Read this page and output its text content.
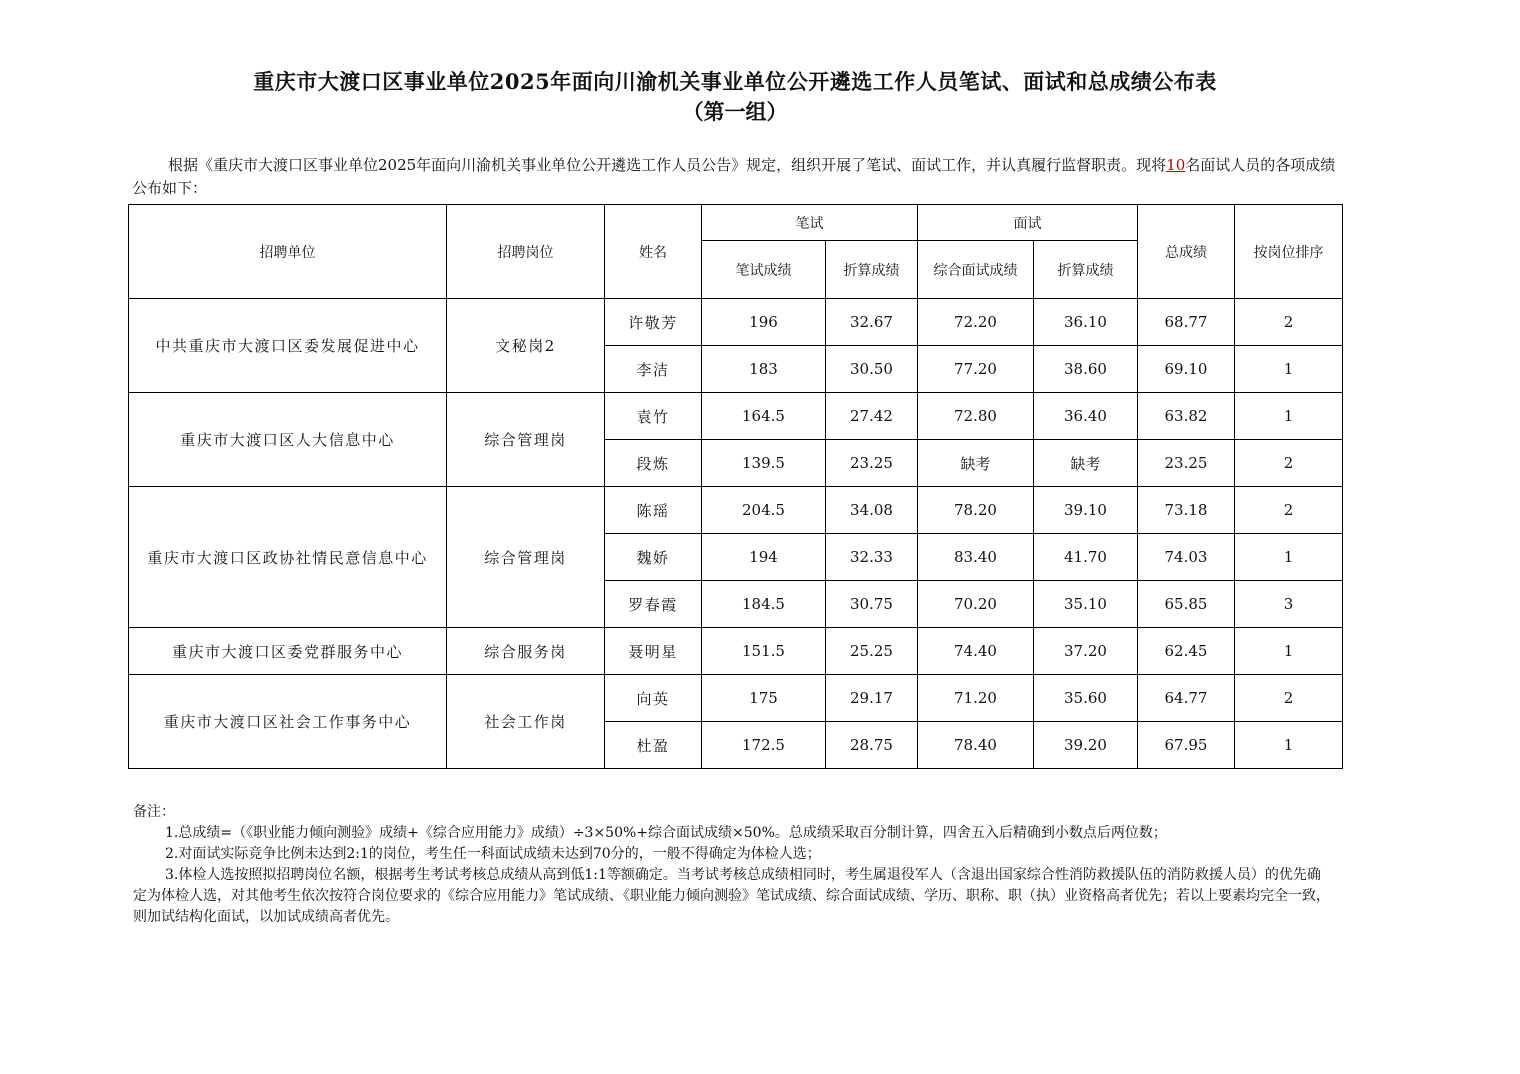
重庆市大渡口区事业单位2025年面向川渝机关事业单位公开遴选工作人员笔试、面试和总成绩公布表
（第一组）
根据《重庆市大渡口区事业单位2025年面向川渝机关事业单位公开遴选工作人员公告》规定，组织开展了笔试、面试工作，并认真履行监督职责。现将10名面试人员的各项成绩公布如下：
招聘单位	招聘岗位	姓名	笔试		面试		总成绩	按岗位排序
			笔试成绩	折算成绩	综合面试成绩	折算成绩		
中共重庆市大渡口区委发展促进中心	文秘岗2	许敬芳	196	32.67	72.20	36.10	68.77	2
		李洁	183	30.50	77.20	38.60	69.10	1
重庆市大渡口区人大信息中心	综合管理岗	袁竹	164.5	27.42	72.80	36.40	63.82	1
		段炼	139.5	23.25	缺考	缺考	23.25	2
重庆市大渡口区政协社情民意信息中心	综合管理岗	陈瑶	204.5	34.08	78.20	39.10	73.18	2
		魏娇	194	32.33	83.40	41.70	74.03	1
		罗春霞	184.5	30.75	70.20	35.10	65.85	3
重庆市大渡口区委党群服务中心	综合服务岗	聂明星	151.5	25.25	74.40	37.20	62.45	1
重庆市大渡口区社会工作事务中心	社会工作岗	向英	175	29.17	71.20	35.60	64.77	2
		杜盈	172.5	28.75	78.40	39.20	67.95	1

备注：

1.总成绩=（《职业能力倾向测验》成绩+《综合应用能力》成绩）÷3×50%+综合面试成绩×50%。总成绩采取百分制计算，四舍五入后精确到小数点后两位数；

2.对面试实际竞争比例未达到2:1的岗位，考生任一科面试成绩未达到70分的，一般不得确定为体检人选；

3.体检人选按照拟招聘岗位名额，根据考生考试考核总成绩从高到低1:1等额确定。当考试考核总成绩相同时，考生属退役军人（含退出国家综合性消防救援队伍的消防救援人员）的优先确定为体检人选，对其他考生依次按符合岗位要求的《综合应用能力》笔试成绩、《职业能力倾向测验》笔试成绩、综合面试成绩、学历、职称、职（执）业资格高者优先；若以上要素均完全一致，则加试结构化面试，以加试成绩高者优先。
